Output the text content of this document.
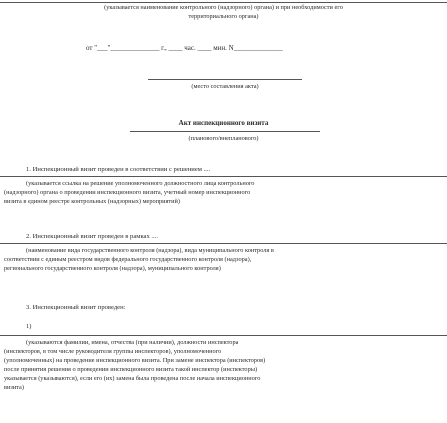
(указывается наименование контрольного (надзорного) органа) и при необходимости его
территориального органа)
от "___"______________ г., ____ час. ____ мин. N______________
(место составления акта)
Акт инспекционного визита
(планового/внепланового)
1. Инспекционный визит проведен в соответствии с решением ....
(указывается ссылка на решение уполномоченного должностного лица контрольного
(надзорного) органа о проведении инспекционного визита, учетный номер инспекционного
визита в едином реестре контрольных (надзорных) мероприятий)
2. Инспекционный визит проведен в рамках ....
(наименование вида государственного контроля (надзора), вида муниципального контроля в
соответствии с единым реестром видов федерального государственного контроля (надзора),
регионального государственного контроля (надзора), муниципального контроля)
3. Инспекционный визит проведен:
1)
(указываются фамилии, имена, отчества (при наличии), должности инспектора
(инспекторов, в том числе руководителя группы инспекторов), уполномоченного
(уполномоченных) на проведение инспекционного визита. При замене инспектора (инспекторов)
после принятия решения о проведении инспекционного визита такой инспектор (инспекторы)
указывается (указываются), если его (их) замена была проведена после начала инспекционного
визита)
